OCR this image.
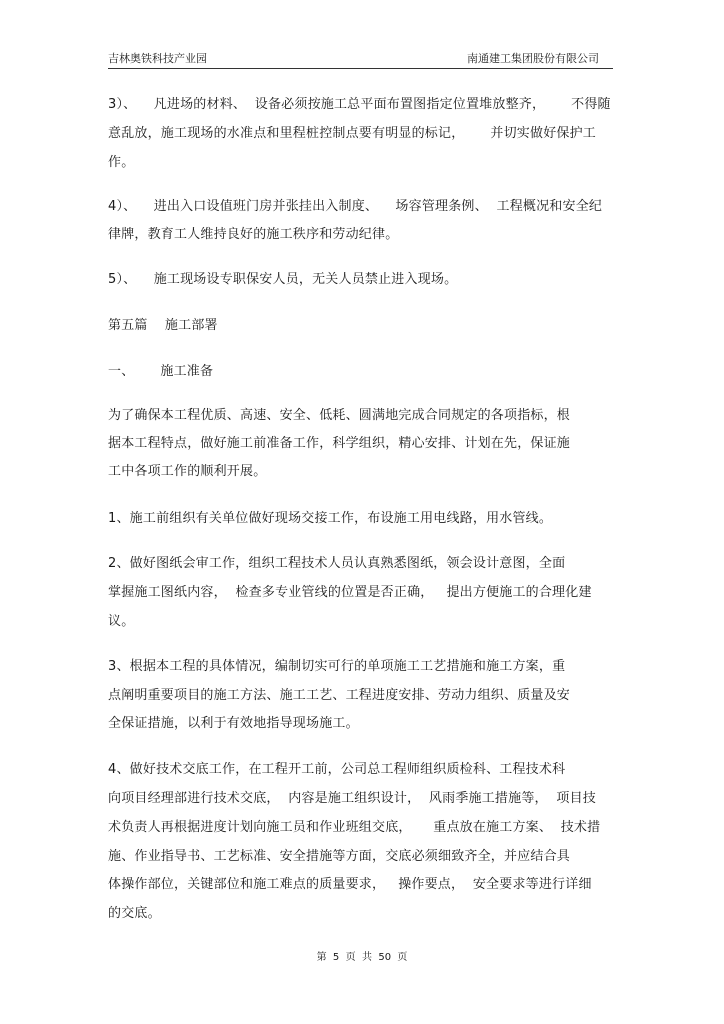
吉林奥铁科技产业园	南通建工集团股份有限公司
3）、    凡进场的材料、  设备必须按施工总平面布置图指定位置堆放整齐，      不得随
意乱放，施工现场的水准点和里程桩控制点要有明显的标记，      并切实做好保护工
作。
4）、    进出入口设值班门房并张挂出入制度、    场容管理条例、  工程概况和安全纪
律牌，教育工人维持良好的施工秩序和劳动纪律。
5）、    施工现场设专职保安人员，无关人员禁止进入现场。
第五篇    施工部署
一、      施工准备
为了确保本工程优质、高速、安全、低耗、圆满地完成合同规定的各项指标，根
据本工程特点，做好施工前准备工作，科学组织，精心安排、计划在先，保证施
工中各项工作的顺利开展。
1、施工前组织有关单位做好现场交接工作，布设施工用电线路，用水管线。
2、做好图纸会审工作，组织工程技术人员认真熟悉图纸，领会设计意图，全面
掌握施工图纸内容，  检查多专业管线的位置是否正确，   提出方便施工的合理化建
议。
3、根据本工程的具体情况，编制切实可行的单项施工工艺措施和施工方案，重
点阐明重要项目的施工方法、施工工艺、工程进度安排、劳动力组织、质量及安
全保证措施，以利于有效地指导现场施工。
4、做好技术交底工作，在工程开工前，公司总工程师组织质检科、工程技术科
向项目经理部进行技术交底，  内容是施工组织设计，  风雨季施工措施等，  项目技
术负责人再根据进度计划向施工员和作业班组交底，     重点放在施工方案、  技术措
施、作业指导书、工艺标准、安全措施等方面，交底必须细致齐全，并应结合具
体操作部位，关键部位和施工难点的质量要求，   操作要点，  安全要求等进行详细
的交底。
第  5  页  共  50  页
